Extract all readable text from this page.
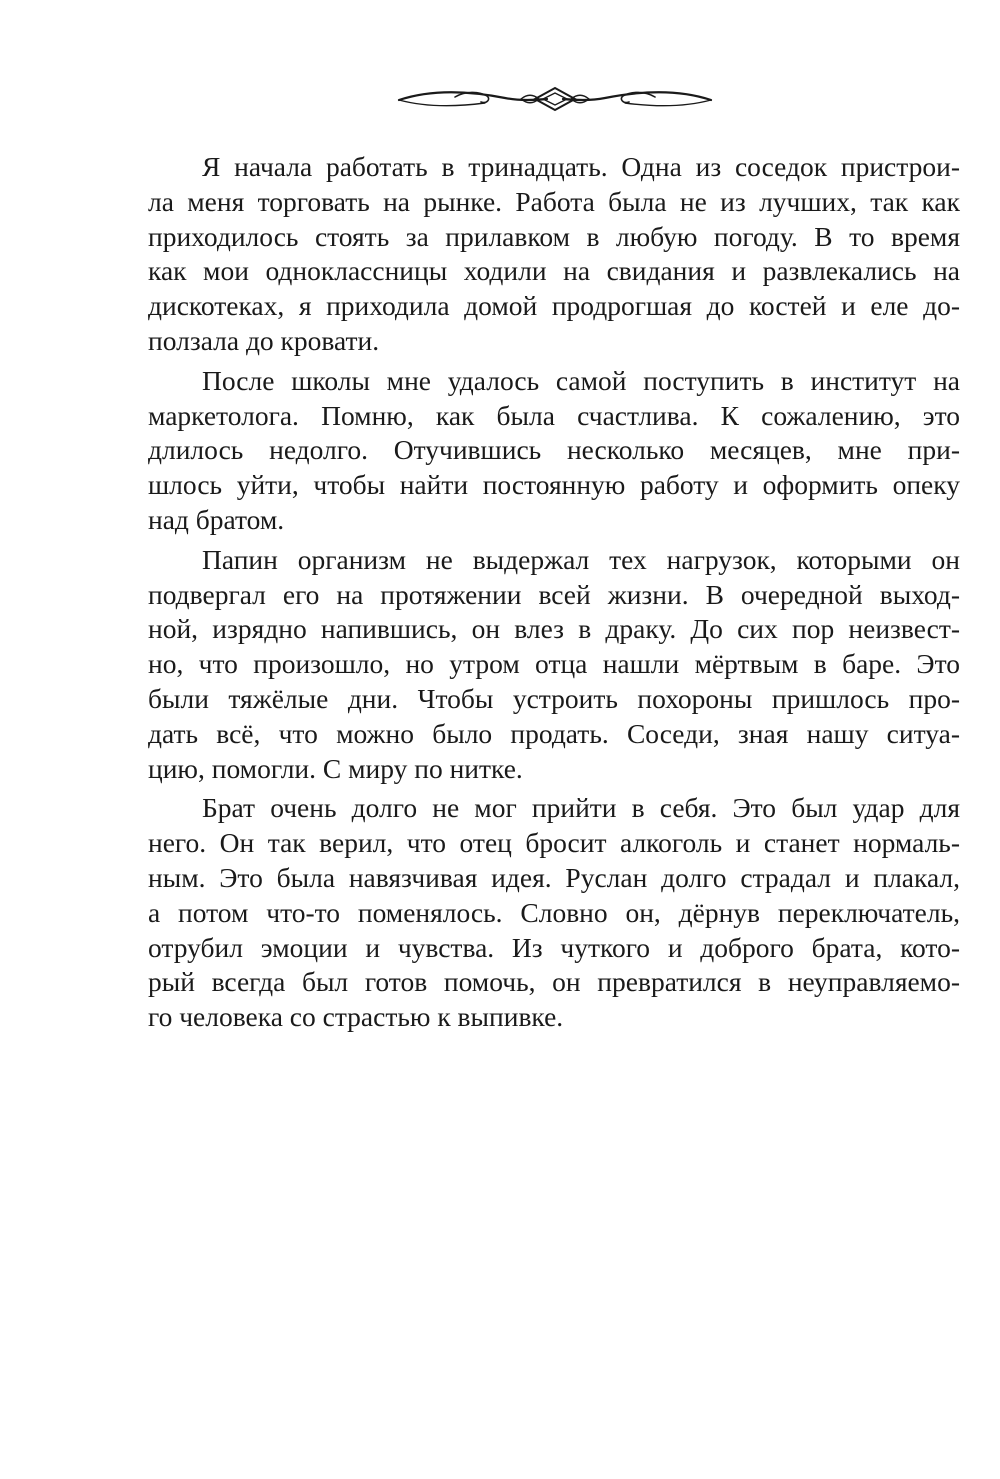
Я начала работать в тринадцать. Одна из соседок пристрои-
ла меня торговать на рынке. Работа была не из лучших, так как
приходилось стоять за прилавком в любую погоду. В то время
как мои одноклассницы ходили на свидания и развлекались на
дискотеках, я приходила домой продрогшая до костей и еле до-
ползала до кровати.

После школы мне удалось самой поступить в институт на
маркетолога. Помню, как была счастлива. К сожалению, это
длилось недолго. Отучившись несколько месяцев, мне при-
шлось уйти, чтобы найти постоянную работу и оформить опеку
над братом.

Папин организм не выдержал тех нагрузок, которыми он
подвергал его на протяжении всей жизни. В очередной выход-
ной, изрядно напившись, он влез в драку. До сих пор неизвест-
но, что произошло, но утром отца нашли мёртвым в баре. Это
были тяжёлые дни. Чтобы устроить похороны пришлось про-
дать всё, что можно было продать. Соседи, зная нашу ситуа-
цию, помогли. С миру по нитке.

Брат очень долго не мог прийти в себя. Это был удар для
него. Он так верил, что отец бросит алкоголь и станет нормаль-
ным. Это была навязчивая идея. Руслан долго страдал и плакал,
а потом что-то поменялось. Словно он, дёрнув переключатель,
отрубил эмоции и чувства. Из чуткого и доброго брата, кото-
рый всегда был готов помочь, он превратился в неуправляемо-
го человека со страстью к выпивке.
